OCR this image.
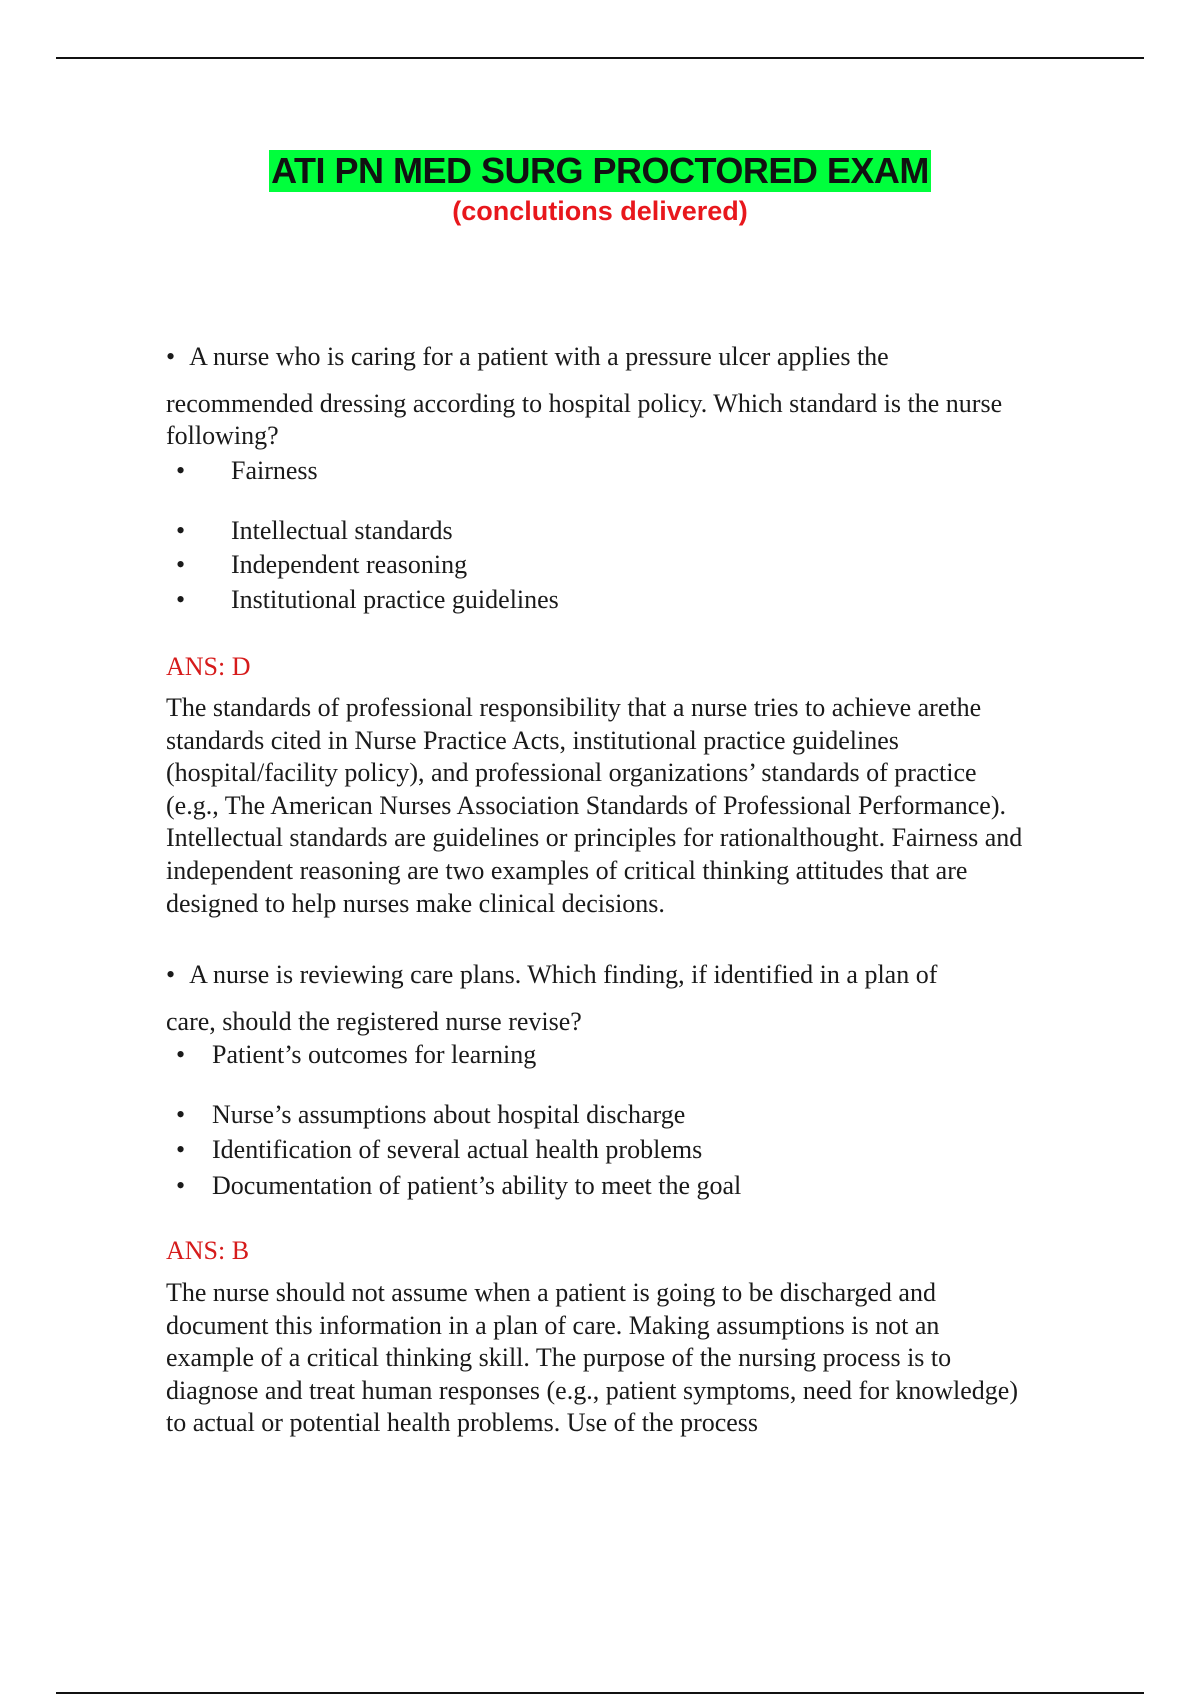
ATI PN MED SURG PROCTORED EXAM
(conclutions delivered)
• A nurse who is caring for a patient with a pressure ulcer applies the
recommended dressing according to hospital policy. Which standard is the nurse following?
• Fairness
• Intellectual standards
• Independent reasoning
• Institutional practice guidelines
ANS: D
The standards of professional responsibility that a nurse tries to achieve arethe standards cited in Nurse Practice Acts, institutional practice guidelines (hospital/facility policy), and professional organizations’ standards of practice (e.g., The American Nurses Association Standards of Professional Performance). Intellectual standards are guidelines or principles for rationalthought. Fairness and independent reasoning are two examples of critical thinking attitudes that are designed to help nurses make clinical decisions.
• A nurse is reviewing care plans. Which finding, if identified in a plan of
care, should the registered nurse revise?
• Patient’s outcomes for learning
• Nurse’s assumptions about hospital discharge
• Identification of several actual health problems
• Documentation of patient’s ability to meet the goal
ANS: B
The nurse should not assume when a patient is going to be discharged and document this information in a plan of care. Making assumptions is not an example of a critical thinking skill. The purpose of the nursing process is to diagnose and treat human responses (e.g., patient symptoms, need for knowledge) to actual or potential health problems. Use of the process
